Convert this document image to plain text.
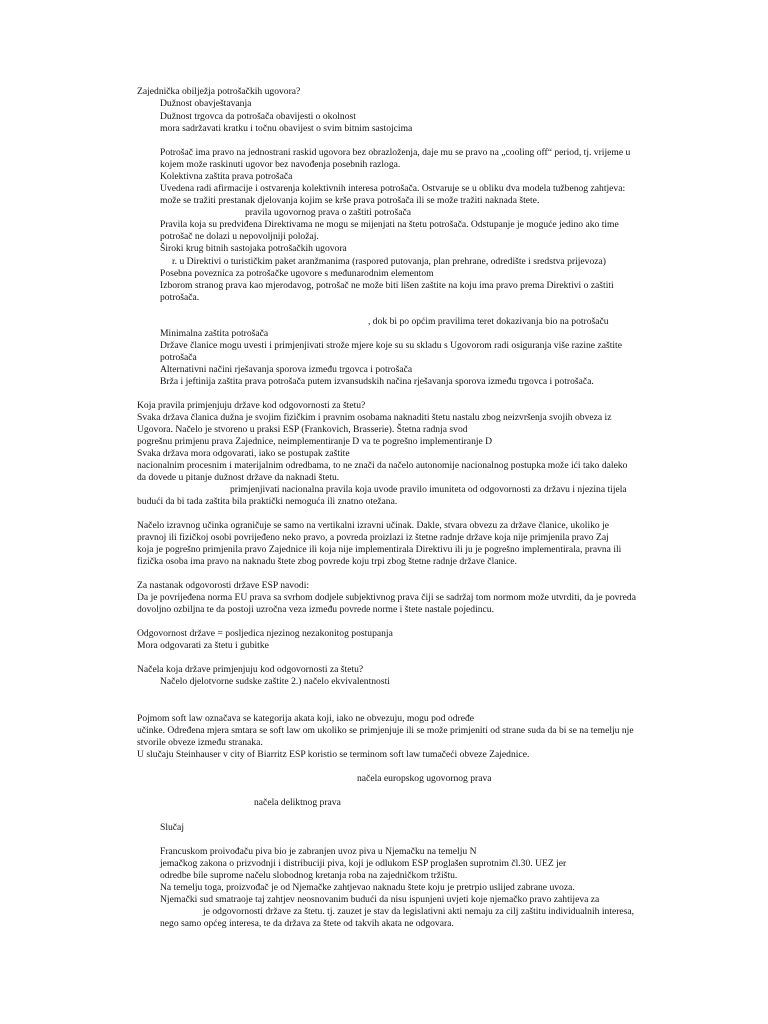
Zajednička obilježja potrošačkih ugovora?
Dužnost obavještavanja
Dužnost trgovca da potrošača obavijesti o okolnost
mora sadržavati kratku i točnu obavijest o svim bitnim sastojcima
Potrošač ima pravo na jednostrani raskid ugovora bez obrazloženja, daje mu se pravo na „cooling off“ period, tj. vrijeme u
kojem može raskinuti ugovor bez navođenja posebnih razloga.
Kolektivna zaštita prava potrošača
Uvedena radi afirmacije i ostvarenja kolektivnih interesa potrošača. Ostvaruje se u obliku dva modela tužbenog zahtjeva:
može se tražiti prestanak djelovanja kojim se krše prava potrošača ili se može tražiti naknada štete.
pravila ugovornog prava o zaštiti potrošača
Pravila koja su predviđena Direktivama ne mogu se mijenjati na štetu potrošača. Odstupanje je moguće jedino ako time
potrošač ne dolazi u nepovoljniji položaj.
Široki krug bitnih sastojaka potrošačkih ugovora
r. u Direktivi o turističkim paket aranžmanima (raspored putovanja, plan prehrane, odredište i sredstva prijevoza)
Posebna poveznica za potrošačke ugovore s međunarodnim elementom
Izborom stranog prava kao mjerodavog, potrošač ne može biti lišen zaštite na koju ima pravo prema Direktivi o zaštiti
potrošača.
, dok bi po općim pravilima teret dokazivanja bio na potrošaču
Minimalna zaštita potrošača
Države članice mogu uvesti i primjenjivati strože mjere koje su su skladu s Ugovorom radi osiguranja više razine zaštite
potrošača
Alternativni načini rješavanja sporova između trgovca i potrošača
Brža i jeftinija zaštita prava potrošača putem izvansudskih načina rješavanja sporova između trgovca i potrošača.
Koja pravila primjenjuju države kod odgovornosti za štetu?
Svaka država članica dužna je svojim fizičkim i pravnim osobama naknaditi štetu nastalu zbog neizvršenja svojih obveza iz
Ugovora. Načelo je stvoreno u praksi ESP (Frankovich, Brasserie). Štetna radnja svod
pogrešnu primjenu prava Zajednice, neimplementiranje D va te pogrešno implementiranje D
Svaka država mora odgovarati, iako se postupak zaštite
nacionalnim procesnim i materijalnim odredbama, to ne znači da načelo autonomije nacionalnog postupka može ići tako daleko
da dovede u pitanje dužnost države da naknadi štetu.
primjenjivati nacionalna pravila koja uvode pravilo imuniteta od odgovornosti za državu i njezina tijela
budući da bi tada zaštita bila praktički nemoguća ili znatno otežana.
Načelo izravnog učinka ograničuje se samo na vertikalni izravni učinak. Dakle, stvara obvezu za države članice, ukoliko je
pravnoj ili fizičkoj osobi povrijeđeno neko pravo, a povreda proizlazi iz štetne radnje države koja nije primjenila pravo Zaj
koja je pogrešno primjenila pravo Zajednice ili koja nije implementirala Direktivu ili ju je pogrešno implementirala, pravna ili
fizička osoba ima pravo na naknadu štete zbog povrede koju trpi zbog štetne radnje države članice.
Za nastanak odgovorosti države ESP navodi:
Da je povrijeđena norma EU prava sa svrhom dodjele subjektivnog prava čiji se sadržaj tom normom može utvrditi, da je povreda
dovoljno ozbiljna te da postoji uzročna veza između povrede norme i štete nastale pojedincu.
Odgovornost države = posljedica njezinog nezakonitog postupanja
Mora odgovarati za štetu i gubitke
Načela koja države primjenjuju kod odgovornosti za štetu?
Načelo djelotvorne sudske zaštite 2.) načelo ekvivalentnosti
Pojmom soft law označava se kategorija akata koji, iako ne obvezuju, mogu pod određe
učinke. Određena mjera smtara se soft law om ukoliko se primjenjuje ili se može primjeniti od strane suda da bi se na temelju nje
stvorile obveze između stranaka.
U slučaju Steinhauser v city of Biarritz ESP koristio se terminom soft law tumačeći obveze Zajednice.
načela europskog ugovornog prava
načela deliktnog prava
Slučaj
Francuskom proivođaču piva bio je zabranjen uvoz piva u Njemačku na temelju N
jemačkog zakona o prizvodnji i distribuciji piva, koji je odlukom ESP proglašen suprotnim čl.30. UEZ jer
odredbe bile suprome načelu slobodnog kretanja roba na zajedničkom tržištu.
Na temelju toga, proizvođač je od Njemačke zahtjevao naknadu štete koju je pretrpio uslijed zabrane uvoza.
Njemački sud smatraoje taj zahtjev neosnovanim budući da nisu ispunjeni uvjeti koje njemačko pravo zahtijeva za
je odgovornosti države za štetu. tj. zauzet je stav da legislativni akti nemaju za cilj zaštitu individualnih interesa,
nego samo općeg interesa, te da država za štete od takvih akata ne odgovara.
